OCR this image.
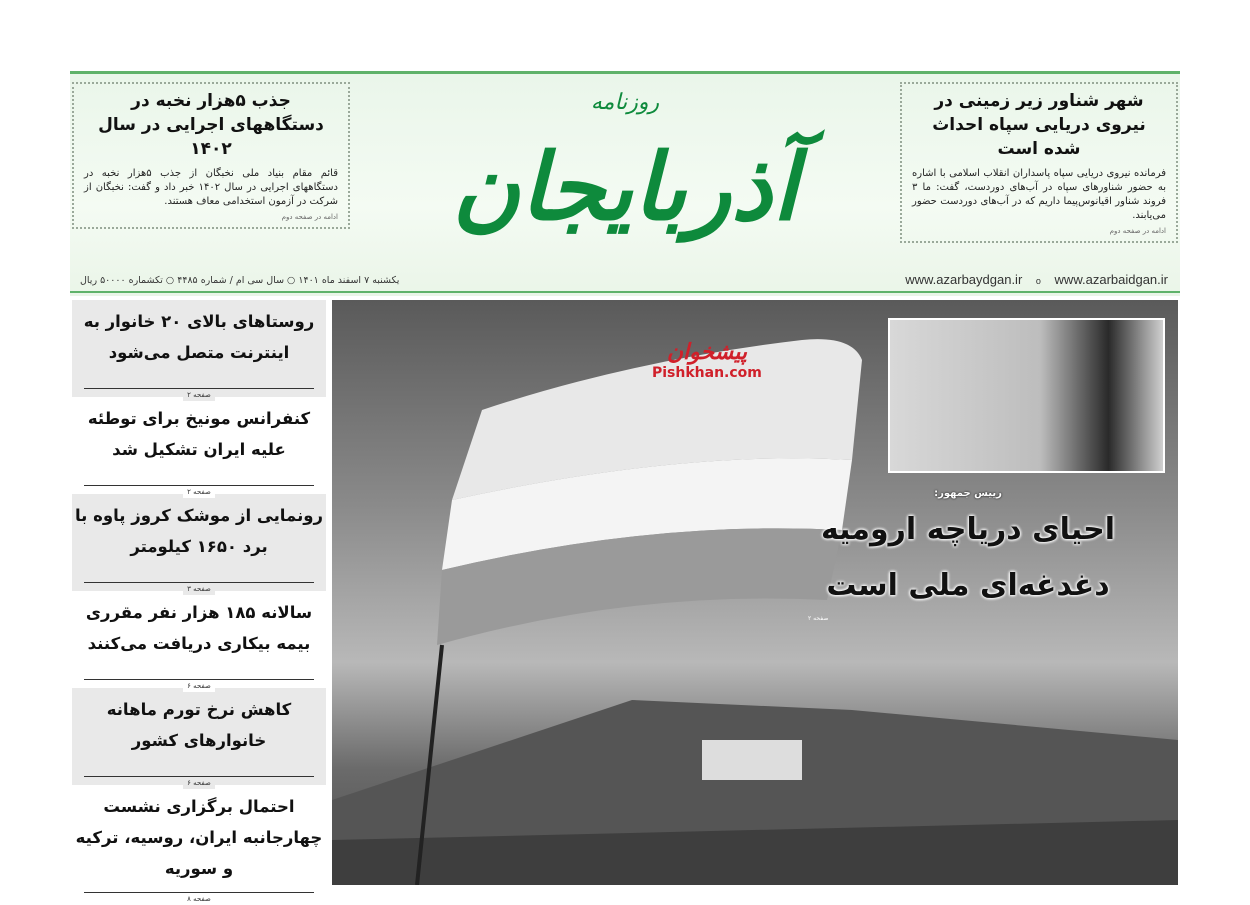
جذب ۵هزار نخبه در دستگاههای اجرایی در سال ۱۴۰۲

قائم مقام بنیاد ملی نخبگان از جذب ۵هزار نخبه در دستگاههای اجرایی در سال ۱۴۰۲ خبر داد و گفت: نخبگان از شرکت در آزمون استخدامی معاف هستند.

ادامه در صفحه دوم
روزنامه
آذربایجان
شهر شناور زیر زمینی در نیروی دریایی سپاه احداث شده است

فرمانده نیروی دریایی سپاه پاسداران انقلاب اسلامی با اشاره به حضور شناورهای سپاه در آب‌های دوردست، گفت: ما ۳ فروند شناور اقیانوس‌پیما داریم که در آب‌های دوردست حضور می‌یابند.

ادامه در صفحه دوم
یکشنبه ۷ اسفند ماه ۱۴۰۱ ○ سال سی ام / شماره ۴۴۸۵ ○ تکشماره ۵۰۰۰۰ ریال	www.azarbaydgan.ir o www.azarbaidgan.ir
روستاهای بالای ۲۰ خانوار به اینترنت متصل می‌شود
صفحه ۲
کنفرانس مونیخ برای توطئه علیه ایران تشکیل شد
صفحه ۲
رونمایی از موشک کروز پاوه با برد ۱۶۵۰ کیلومتر
صفحه ۳
سالانه ۱۸۵ هزار نفر مقرری بیمه بیکاری دریافت می‌کنند
صفحه ۶
کاهش نرخ تورم ماهانه خانوارهای کشور
صفحه ۶
احتمال برگزاری نشست چهارجانبه ایران، روسیه، ترکیه و سوریه
صفحه ۸
پیشخوان
Pishkhan.com
رییس جمهور:
احیای دریاچه ارومیه دغدغه‌ای ملی است
صفحه ۲
